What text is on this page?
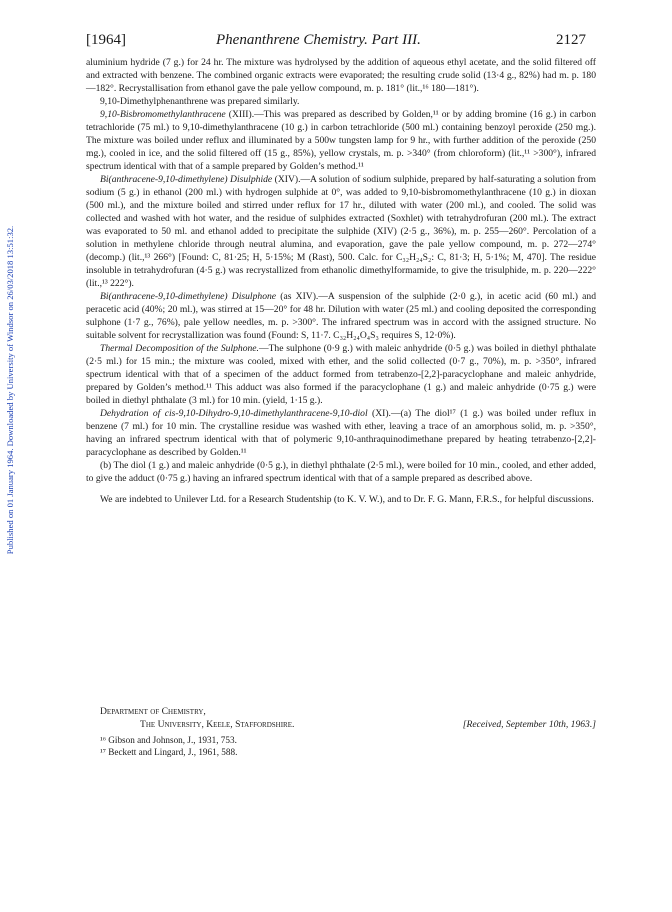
Published on 01 January 1964. Downloaded by University of Windsor on 26/03/2018 13:51:32.
[1964]	Phenanthrene Chemistry. Part III.	2127

aluminium hydride (7 g.) for 24 hr. The mixture was hydrolysed by the addition of aqueous ethyl acetate, and the solid filtered off and extracted with benzene. The combined organic extracts were evaporated; the resulting crude solid (13·4 g., 82%) had m. p. 180—182°. Recrystallisation from ethanol gave the pale yellow compound, m. p. 181° (lit.,¹⁶ 180—181°).

9,10-Dimethylphenanthrene was prepared similarly.

9,10-Bisbromomethylanthracene (XIII).—This was prepared as described by Golden,¹¹ or by adding bromine (16 g.) in carbon tetrachloride (75 ml.) to 9,10-dimethylanthracene (10 g.) in carbon tetrachloride (500 ml.) containing benzoyl peroxide (250 mg.). The mixture was boiled under reflux and illuminated by a 500w tungsten lamp for 9 hr., with further addition of the peroxide (250 mg.), cooled in ice, and the solid filtered off (15 g., 85%), yellow crystals, m. p. >340° (from chloroform) (lit.,¹¹ >300°), infrared spectrum identical with that of a sample prepared by Golden’s method.¹¹

Bi(anthracene-9,10-dimethylene) Disulphide (XIV).—A solution of sodium sulphide, prepared by half-saturating a solution from sodium (5 g.) in ethanol (200 ml.) with hydrogen sulphide at 0°, was added to 9,10-bisbromomethylanthracene (10 g.) in dioxan (500 ml.), and the mixture boiled and stirred under reflux for 17 hr., diluted with water (200 ml.), and cooled. The solid was collected and washed with hot water, and the residue of sulphides extracted (Soxhlet) with tetrahydrofuran (200 ml.). The extract was evaporated to 50 ml. and ethanol added to precipitate the sulphide (XIV) (2·5 g., 36%), m. p. 255—260°. Percolation of a solution in methylene chloride through neutral alumina, and evaporation, gave the pale yellow compound, m. p. 272—274° (decomp.) (lit.,¹³ 266°) [Found: C, 81·25; H, 5·15%; M (Rast), 500. Calc. for C₃₂H₂₄S₂: C, 81·3; H, 5·1%; M, 470]. The residue insoluble in tetrahydrofuran (4·5 g.) was recrystallized from ethanolic dimethylformamide, to give the trisulphide, m. p. 220—222° (lit.,¹³ 222°).

Bi(anthracene-9,10-dimethylene) Disulphone (as XIV).—A suspension of the sulphide (2·0 g.), in acetic acid (60 ml.) and peracetic acid (40%; 20 ml.), was stirred at 15—20° for 48 hr. Dilution with water (25 ml.) and cooling deposited the corresponding sulphone (1·7 g., 76%), pale yellow needles, m. p. >300°. The infrared spectrum was in accord with the assigned structure. No suitable solvent for recrystallization was found (Found: S, 11·7. C₃₂H₂₄O₄S₃ requires S, 12·0%).

Thermal Decomposition of the Sulphone.—The sulphone (0·9 g.) with maleic anhydride (0·5 g.) was boiled in diethyl phthalate (2·5 ml.) for 15 min.; the mixture was cooled, mixed with ether, and the solid collected (0·7 g., 70%), m. p. >350°, infrared spectrum identical with that of a specimen of the adduct formed from tetrabenzo-[2,2]-paracyclophane and maleic anhydride, prepared by Golden’s method.¹¹ This adduct was also formed if the paracyclophane (1 g.) and maleic anhydride (0·75 g.) were boiled in diethyl phthalate (3 ml.) for 10 min. (yield, 1·15 g.).

Dehydration of cis-9,10-Dihydro-9,10-dimethylanthracene-9,10-diol (XI).—(a) The diol¹⁷ (1 g.) was boiled under reflux in benzene (7 ml.) for 10 min. The crystalline residue was washed with ether, leaving a trace of an amorphous solid, m. p. >350°, having an infrared spectrum identical with that of polymeric 9,10-anthraquinodimethane prepared by heating tetrabenzo-[2,2]-paracyclophane as described by Golden.¹¹

(b) The diol (1 g.) and maleic anhydride (0·5 g.), in diethyl phthalate (2·5 ml.), were boiled for 10 min., cooled, and ether added, to give the adduct (0·75 g.) having an infrared spectrum identical with that of a sample prepared as described above.

We are indebted to Unilever Ltd. for a Research Studentship (to K. V. W.), and to Dr. F. G. Mann, F.R.S., for helpful discussions.

Department of Chemistry,
The University, Keele, Staffordshire.	[Received, September 10th, 1963.]
¹⁶ Gibson and Johnson, J., 1931, 753.
¹⁷ Beckett and Lingard, J., 1961, 588.
